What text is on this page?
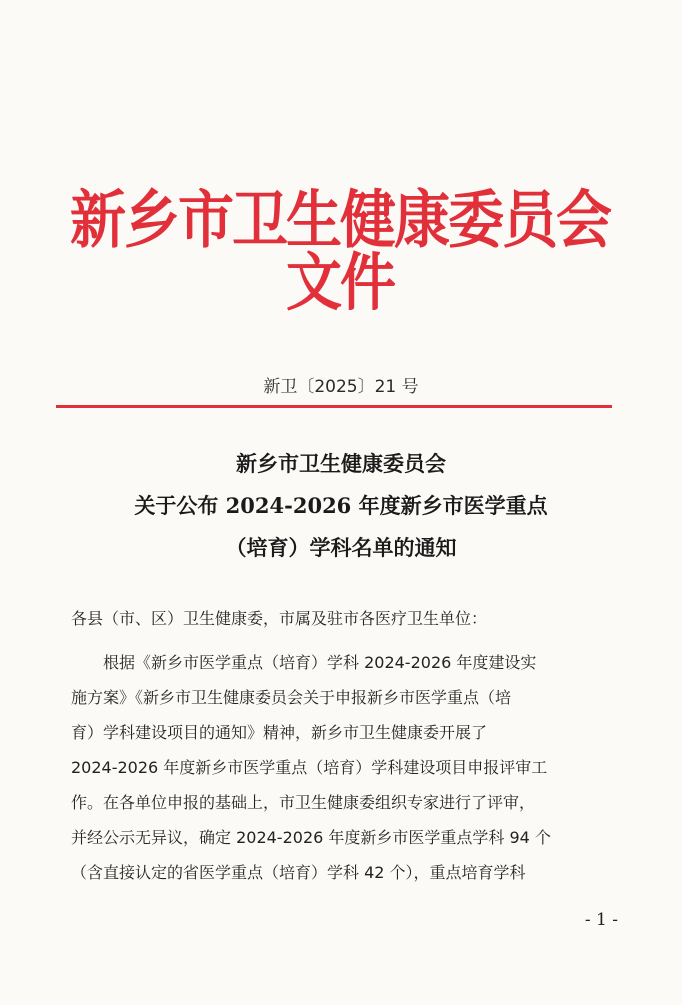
新乡市卫生健康委员会文件
新卫〔2025〕21 号
新乡市卫生健康委员会
关于公布 2024-2026 年度新乡市医学重点
（培育）学科名单的通知
各县（市、区）卫生健康委，市属及驻市各医疗卫生单位：
　　根据《新乡市医学重点（培育）学科 2024-2026 年度建设实
施方案》《新乡市卫生健康委员会关于申报新乡市医学重点（培
育）学科建设项目的通知》精神，新乡市卫生健康委开展了
2024-2026 年度新乡市医学重点（培育）学科建设项目申报评审工
作。在各单位申报的基础上，市卫生健康委组织专家进行了评审，
并经公示无异议，确定 2024-2026 年度新乡市医学重点学科 94 个
（含直接认定的省医学重点（培育）学科 42 个），重点培育学科
- 1 -
